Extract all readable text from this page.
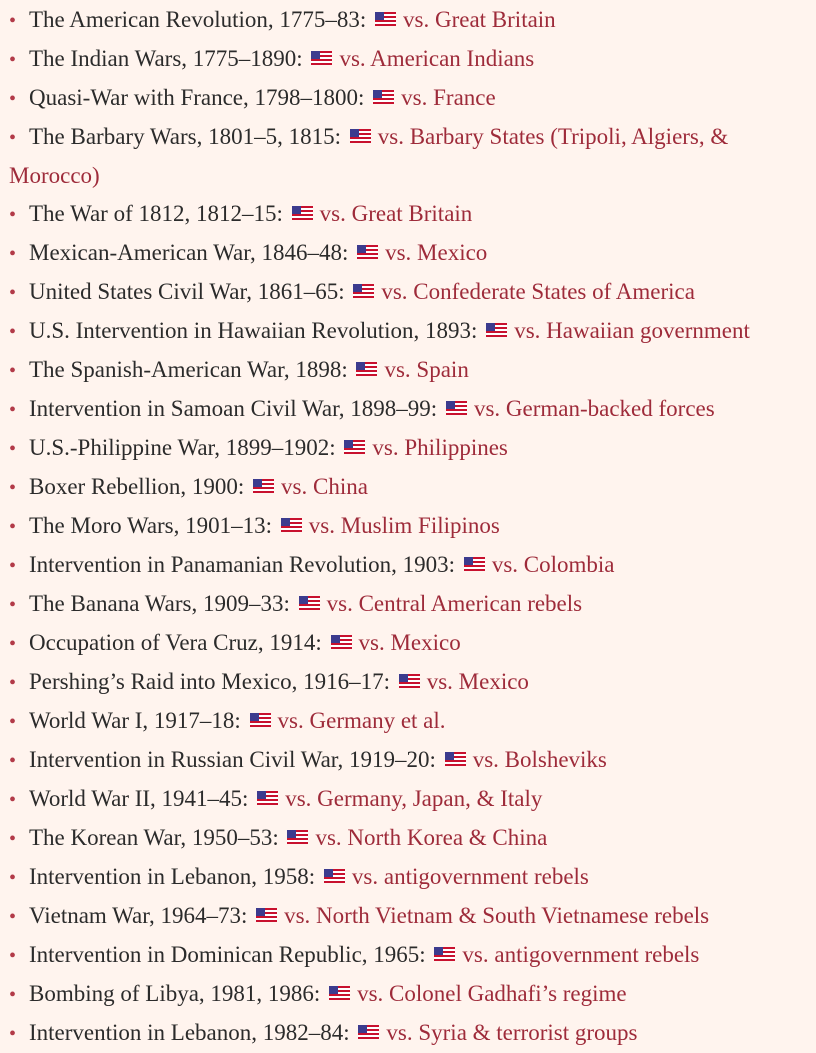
• The American Revolution, 1775–83: vs. Great Britain
• The Indian Wars, 1775–1890: vs. American Indians
• Quasi-War with France, 1798–1800: vs. France
• The Barbary Wars, 1801–5, 1815: vs. Barbary States (Tripoli, Algiers, & Morocco)
• The War of 1812, 1812–15: vs. Great Britain
• Mexican-American War, 1846–48: vs. Mexico
• United States Civil War, 1861–65: vs. Confederate States of America
• U.S. Intervention in Hawaiian Revolution, 1893: vs. Hawaiian government
• The Spanish-American War, 1898: vs. Spain
• Intervention in Samoan Civil War, 1898–99: vs. German-backed forces
• U.S.-Philippine War, 1899–1902: vs. Philippines
• Boxer Rebellion, 1900: vs. China
• The Moro Wars, 1901–13: vs. Muslim Filipinos
• Intervention in Panamanian Revolution, 1903: vs. Colombia
• The Banana Wars, 1909–33: vs. Central American rebels
• Occupation of Vera Cruz, 1914: vs. Mexico
• Pershing’s Raid into Mexico, 1916–17: vs. Mexico
• World War I, 1917–18: vs. Germany et al.
• Intervention in Russian Civil War, 1919–20: vs. Bolsheviks
• World War II, 1941–45: vs. Germany, Japan, & Italy
• The Korean War, 1950–53: vs. North Korea & China
• Intervention in Lebanon, 1958: vs. antigovernment rebels
• Vietnam War, 1964–73: vs. North Vietnam & South Vietnamese rebels
• Intervention in Dominican Republic, 1965: vs. antigovernment rebels
• Bombing of Libya, 1981, 1986: vs. Colonel Gadhafi’s regime
• Intervention in Lebanon, 1982–84: vs. Syria & terrorist groups
